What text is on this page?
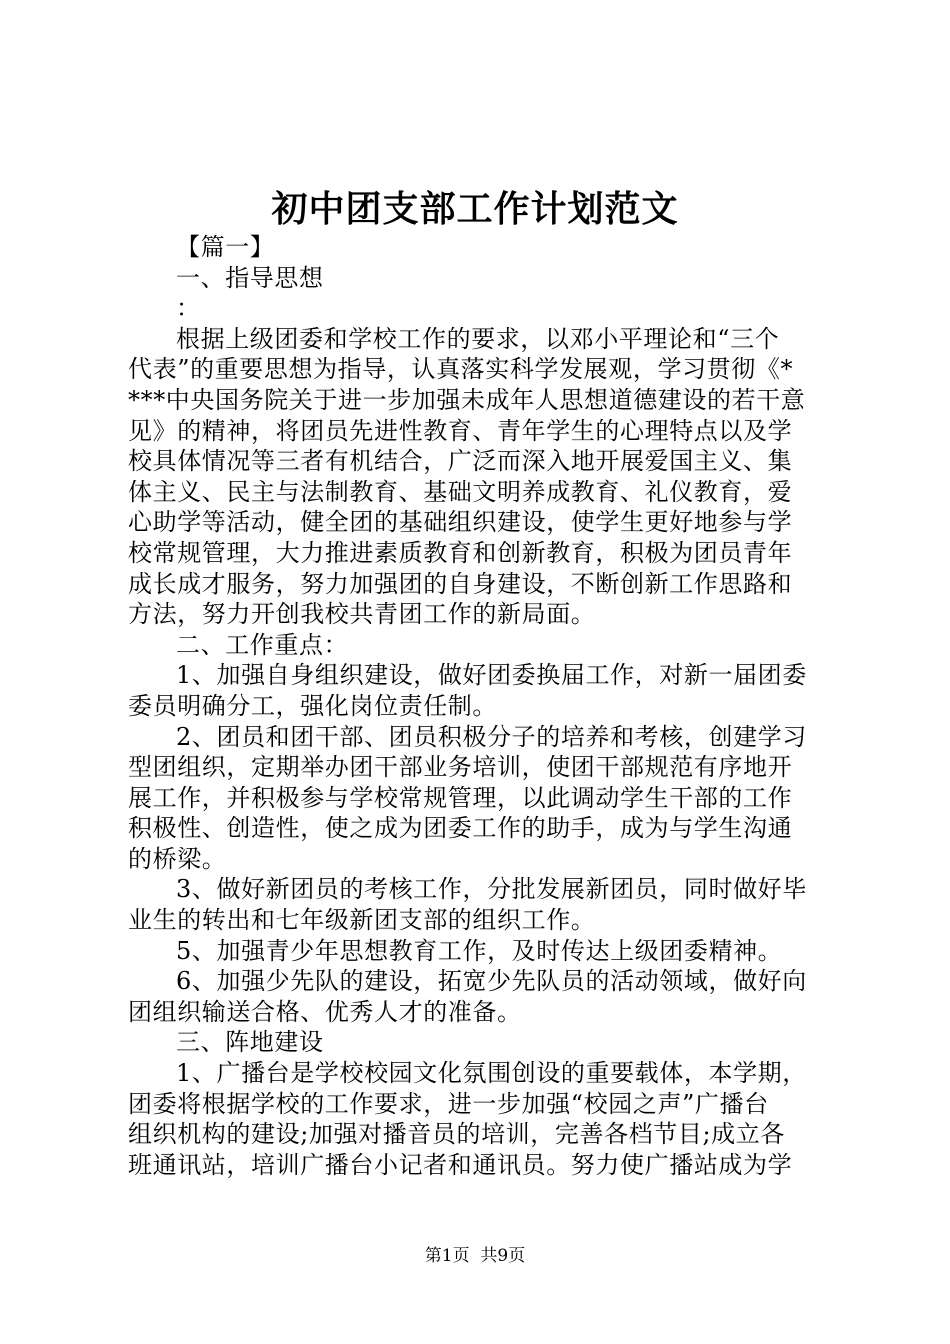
初中团支部工作计划范文
【篇一】
一、指导思想
：
根据上级团委和学校工作的要求，以邓小平理论和“三个
代表”的重要思想为指导，认真落实科学发展观，学习贯彻《*
***中央国务院关于进一步加强未成年人思想道德建设的若干意
见》的精神，将团员先进性教育、青年学生的心理特点以及学
校具体情况等三者有机结合，广泛而深入地开展爱国主义、集
体主义、民主与法制教育、基础文明养成教育、礼仪教育，爱
心助学等活动，健全团的基础组织建设，使学生更好地参与学
校常规管理，大力推进素质教育和创新教育，积极为团员青年
成长成才服务，努力加强团的自身建设，不断创新工作思路和
方法，努力开创我校共青团工作的新局面。
二、工作重点：
1、加强自身组织建设，做好团委换届工作，对新一届团委
委员明确分工，强化岗位责任制。
2、团员和团干部、团员积极分子的培养和考核，创建学习
型团组织，定期举办团干部业务培训，使团干部规范有序地开
展工作，并积极参与学校常规管理，以此调动学生干部的工作
积极性、创造性，使之成为团委工作的助手，成为与学生沟通
的桥梁。
3、做好新团员的考核工作，分批发展新团员，同时做好毕
业生的转出和七年级新团支部的组织工作。
5、加强青少年思想教育工作，及时传达上级团委精神。
6、加强少先队的建设，拓宽少先队员的活动领域，做好向
团组织输送合格、优秀人才的准备。
三、阵地建设
1、广播台是学校校园文化氛围创设的重要载体，本学期，
团委将根据学校的工作要求，进一步加强“校园之声”广播台
组织机构的建设;加强对播音员的培训，完善各档节目;成立各
班通讯站，培训广播台小记者和通讯员。努力使广播站成为学
第1页  共9页
